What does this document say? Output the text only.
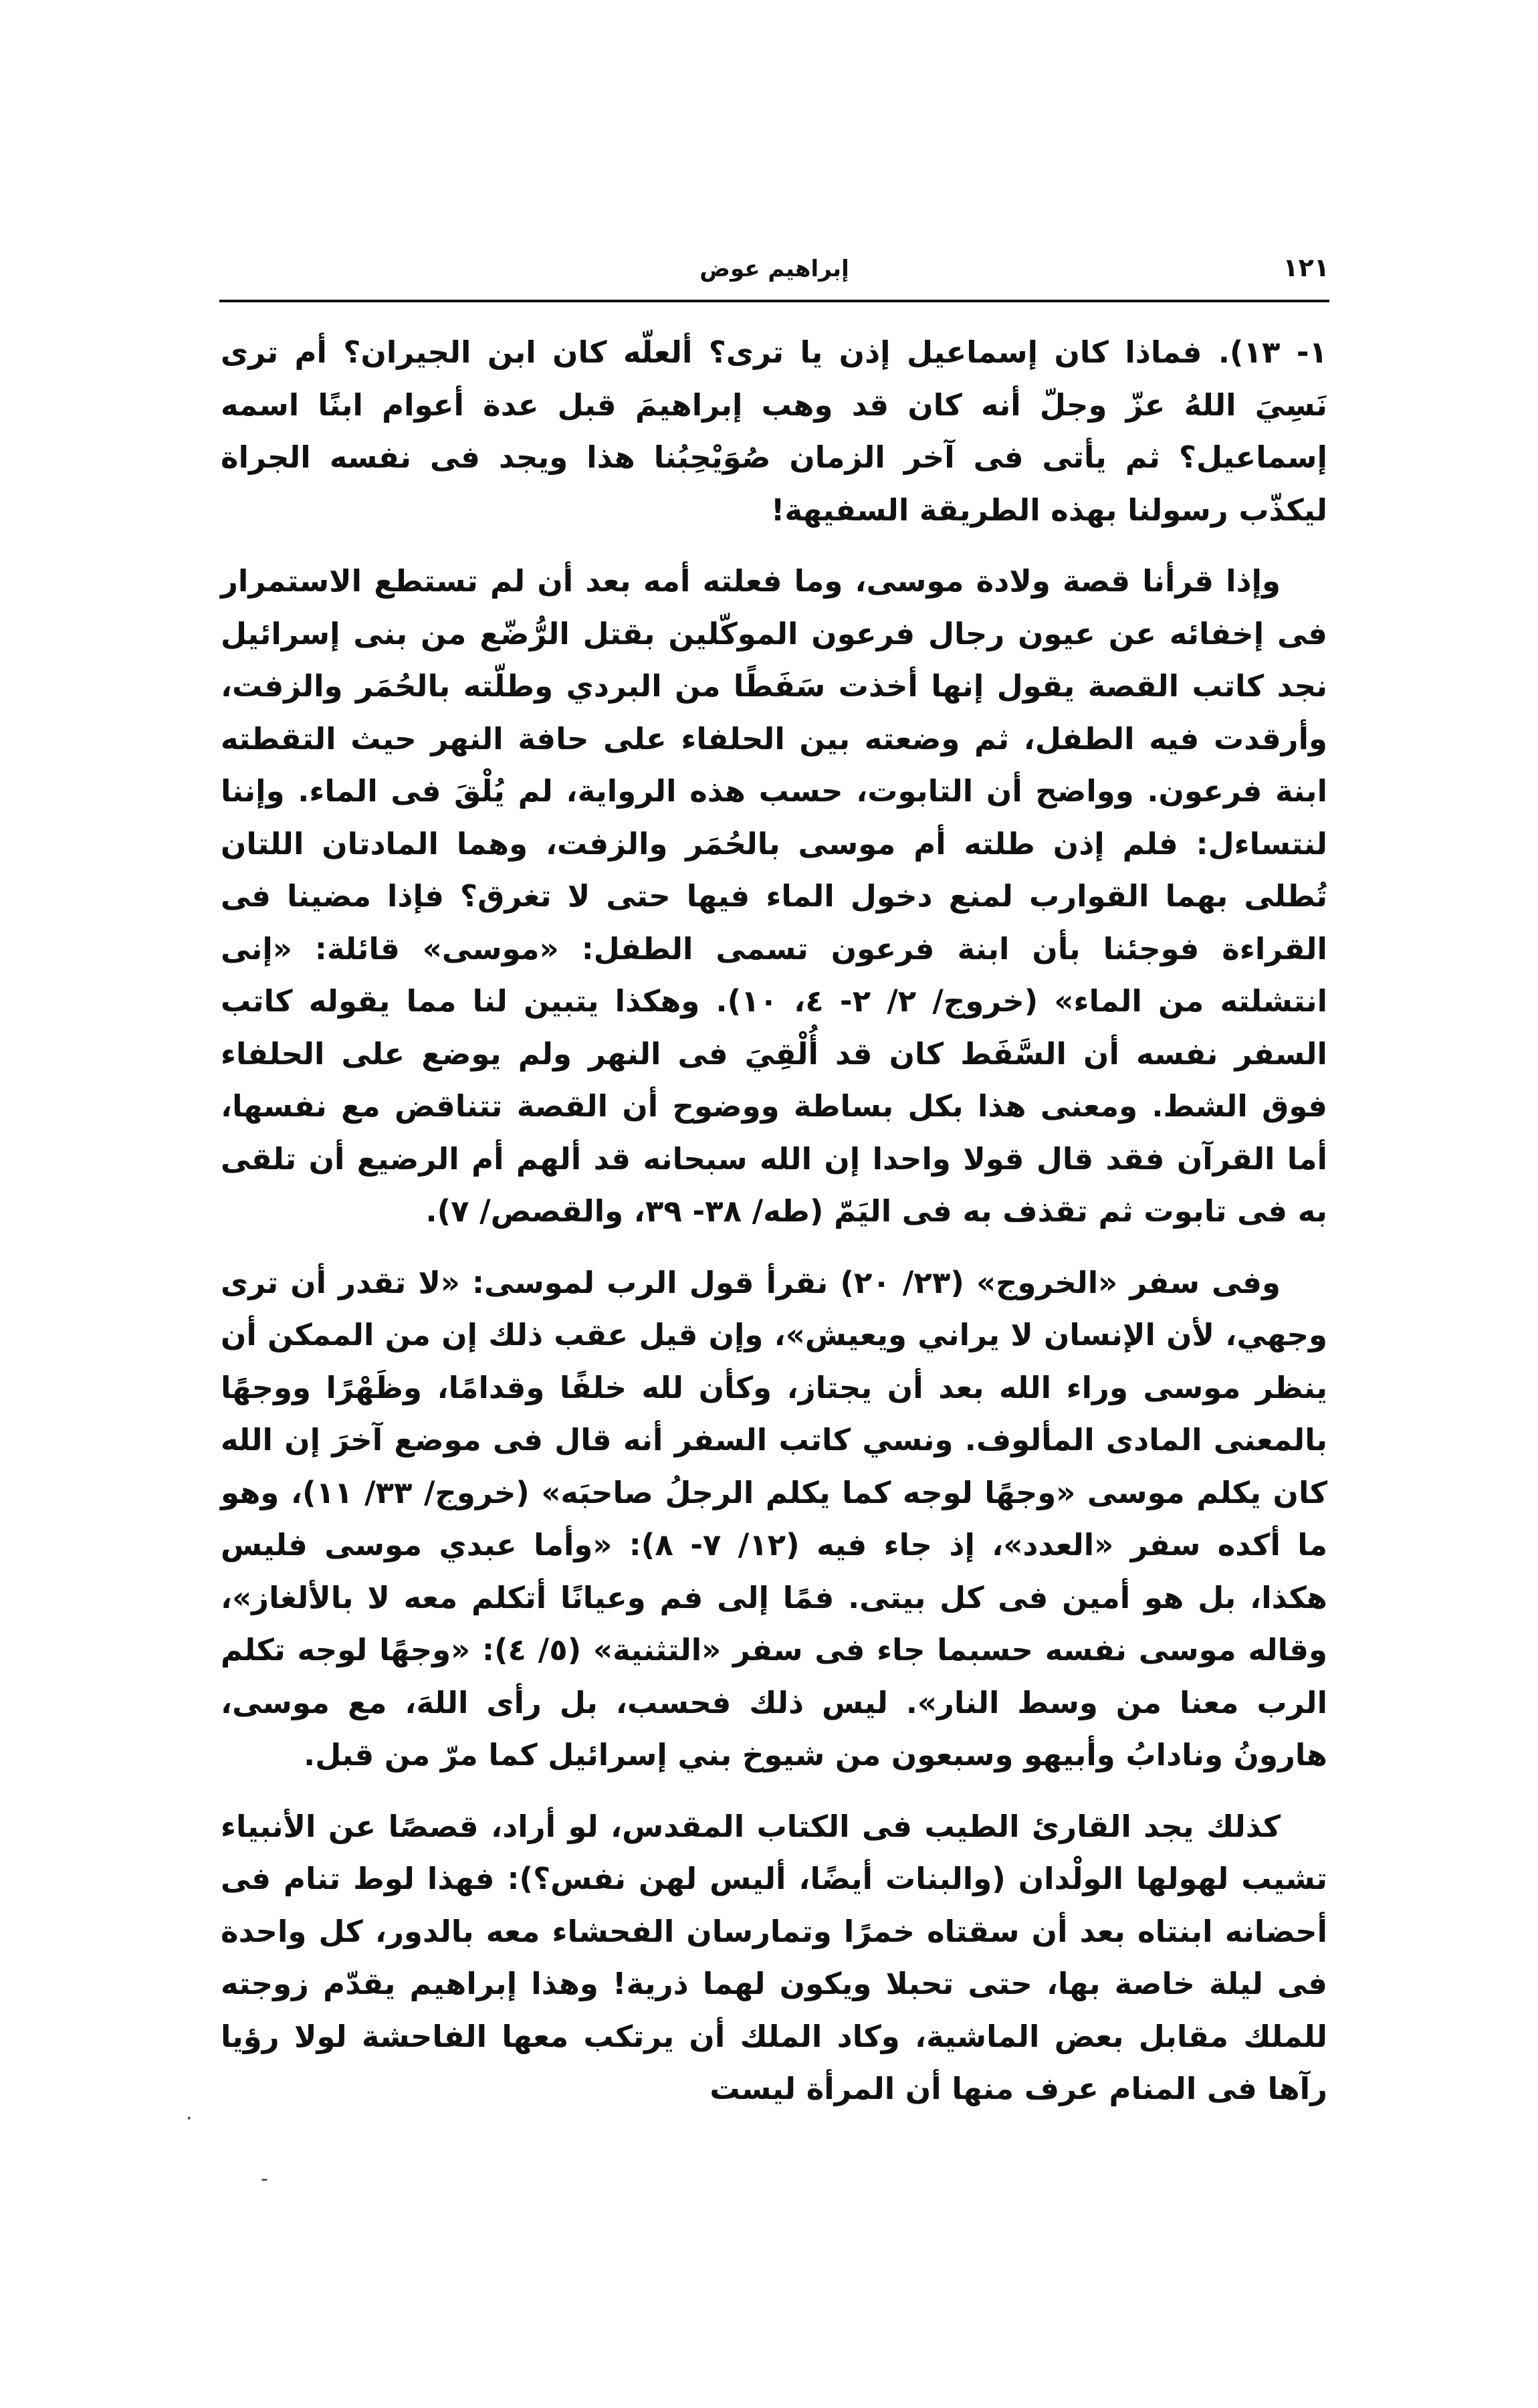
١٢١
إبراهيم عوض

١- ١٣). فماذا كان إسماعيل إذن يا ترى؟ ألعلّه كان ابن الجيران؟ أم ترى نَسِيَ اللهُ عزّ وجلّ أنه كان قد وهب إبراهيمَ قبل عدة أعوام ابنًا اسمه إسماعيل؟ ثم يأتى فى آخر الزمان صُوَيْحِبُنا هذا ويجد فى نفسه الجراة ليكذّب رسولنا بهذه الطريقة السفيهة!

وإذا قرأنا قصة ولادة موسى، وما فعلته أمه بعد أن لم تستطع الاستمرار فى إخفائه عن عيون رجال فرعون الموكّلين بقتل الرُّضّع من بنى إسرائيل نجد كاتب القصة يقول إنها أخذت سَفَطًا من البردي وطلّته بالحُمَر والزفت، وأرقدت فيه الطفل، ثم وضعته بين الحلفاء على حافة النهر حيث التقطته ابنة فرعون. وواضح أن التابوت، حسب هذه الرواية، لم يُلْقَ فى الماء. وإننا لنتساءل: فلم إذن طلته أم موسى بالحُمَر والزفت، وهما المادتان اللتان تُطلى بهما القوارب لمنع دخول الماء فيها حتى لا تغرق؟ فإذا مضينا فى القراءة فوجئنا بأن ابنة فرعون تسمى الطفل: «موسى» قائلة: «إنى انتشلته من الماء» (خروج/ ٢/ ٢- ٤، ١٠). وهكذا يتبين لنا مما يقوله كاتب السفر نفسه أن السَّفَط كان قد أُلْقِيَ فى النهر ولم يوضع على الحلفاء فوق الشط. ومعنى هذا بكل بساطة ووضوح أن القصة تتناقض مع نفسها، أما القرآن فقد قال قولا واحدا إن الله سبحانه قد ألهم أم الرضيع أن تلقى به فى تابوت ثم تقذف به فى اليَمّ (طه/ ٣٨- ٣٩، والقصص/ ٧).

وفى سفر «الخروج» (٢٣/ ٢٠) نقرأ قول الرب لموسى: «لا تقدر أن ترى وجهي، لأن الإنسان لا يراني ويعيش»، وإن قيل عقب ذلك إن من الممكن أن ينظر موسى وراء الله بعد أن يجتاز، وكأن لله خلفًا وقدامًا، وظَهْرًا ووجهًا بالمعنى المادى المألوف. ونسي كاتب السفر أنه قال فى موضع آخرَ إن الله كان يكلم موسى «وجهًا لوجه كما يكلم الرجلُ صاحبَه» (خروج/ ٣٣/ ١١)، وهو ما أكده سفر «العدد»، إذ جاء فيه (١٢/ ٧- ٨): «وأما عبدي موسى فليس هكذا، بل هو أمين فى كل بيتى. فمًا إلى فم وعيانًا أتكلم معه لا بالألغاز»، وقاله موسى نفسه حسبما جاء فى سفر «التثنية» (٥/ ٤): «وجهًا لوجه تكلم الرب معنا من وسط النار». ليس ذلك فحسب، بل رأى اللهَ، مع موسى، هارونُ ونادابُ وأبيهو وسبعون من شيوخ بني إسرائيل كما مرّ من قبل.

كذلك يجد القارئ الطيب فى الكتاب المقدس، لو أراد، قصصًا عن الأنبياء تشيب لهولها الولْدان (والبنات أيضًا، أليس لهن نفس؟): فهذا لوط تنام فى أحضانه ابنتاه بعد أن سقتاه خمرًا وتمارسان الفحشاء معه بالدور، كل واحدة فى ليلة خاصة بها، حتى تحبلا ويكون لهما ذرية! وهذا إبراهيم يقدّم زوجته للملك مقابل بعض الماشية، وكاد الملك أن يرتكب معها الفاحشة لولا رؤيا رآها فى المنام عرف منها أن المرأة ليست

·
-
